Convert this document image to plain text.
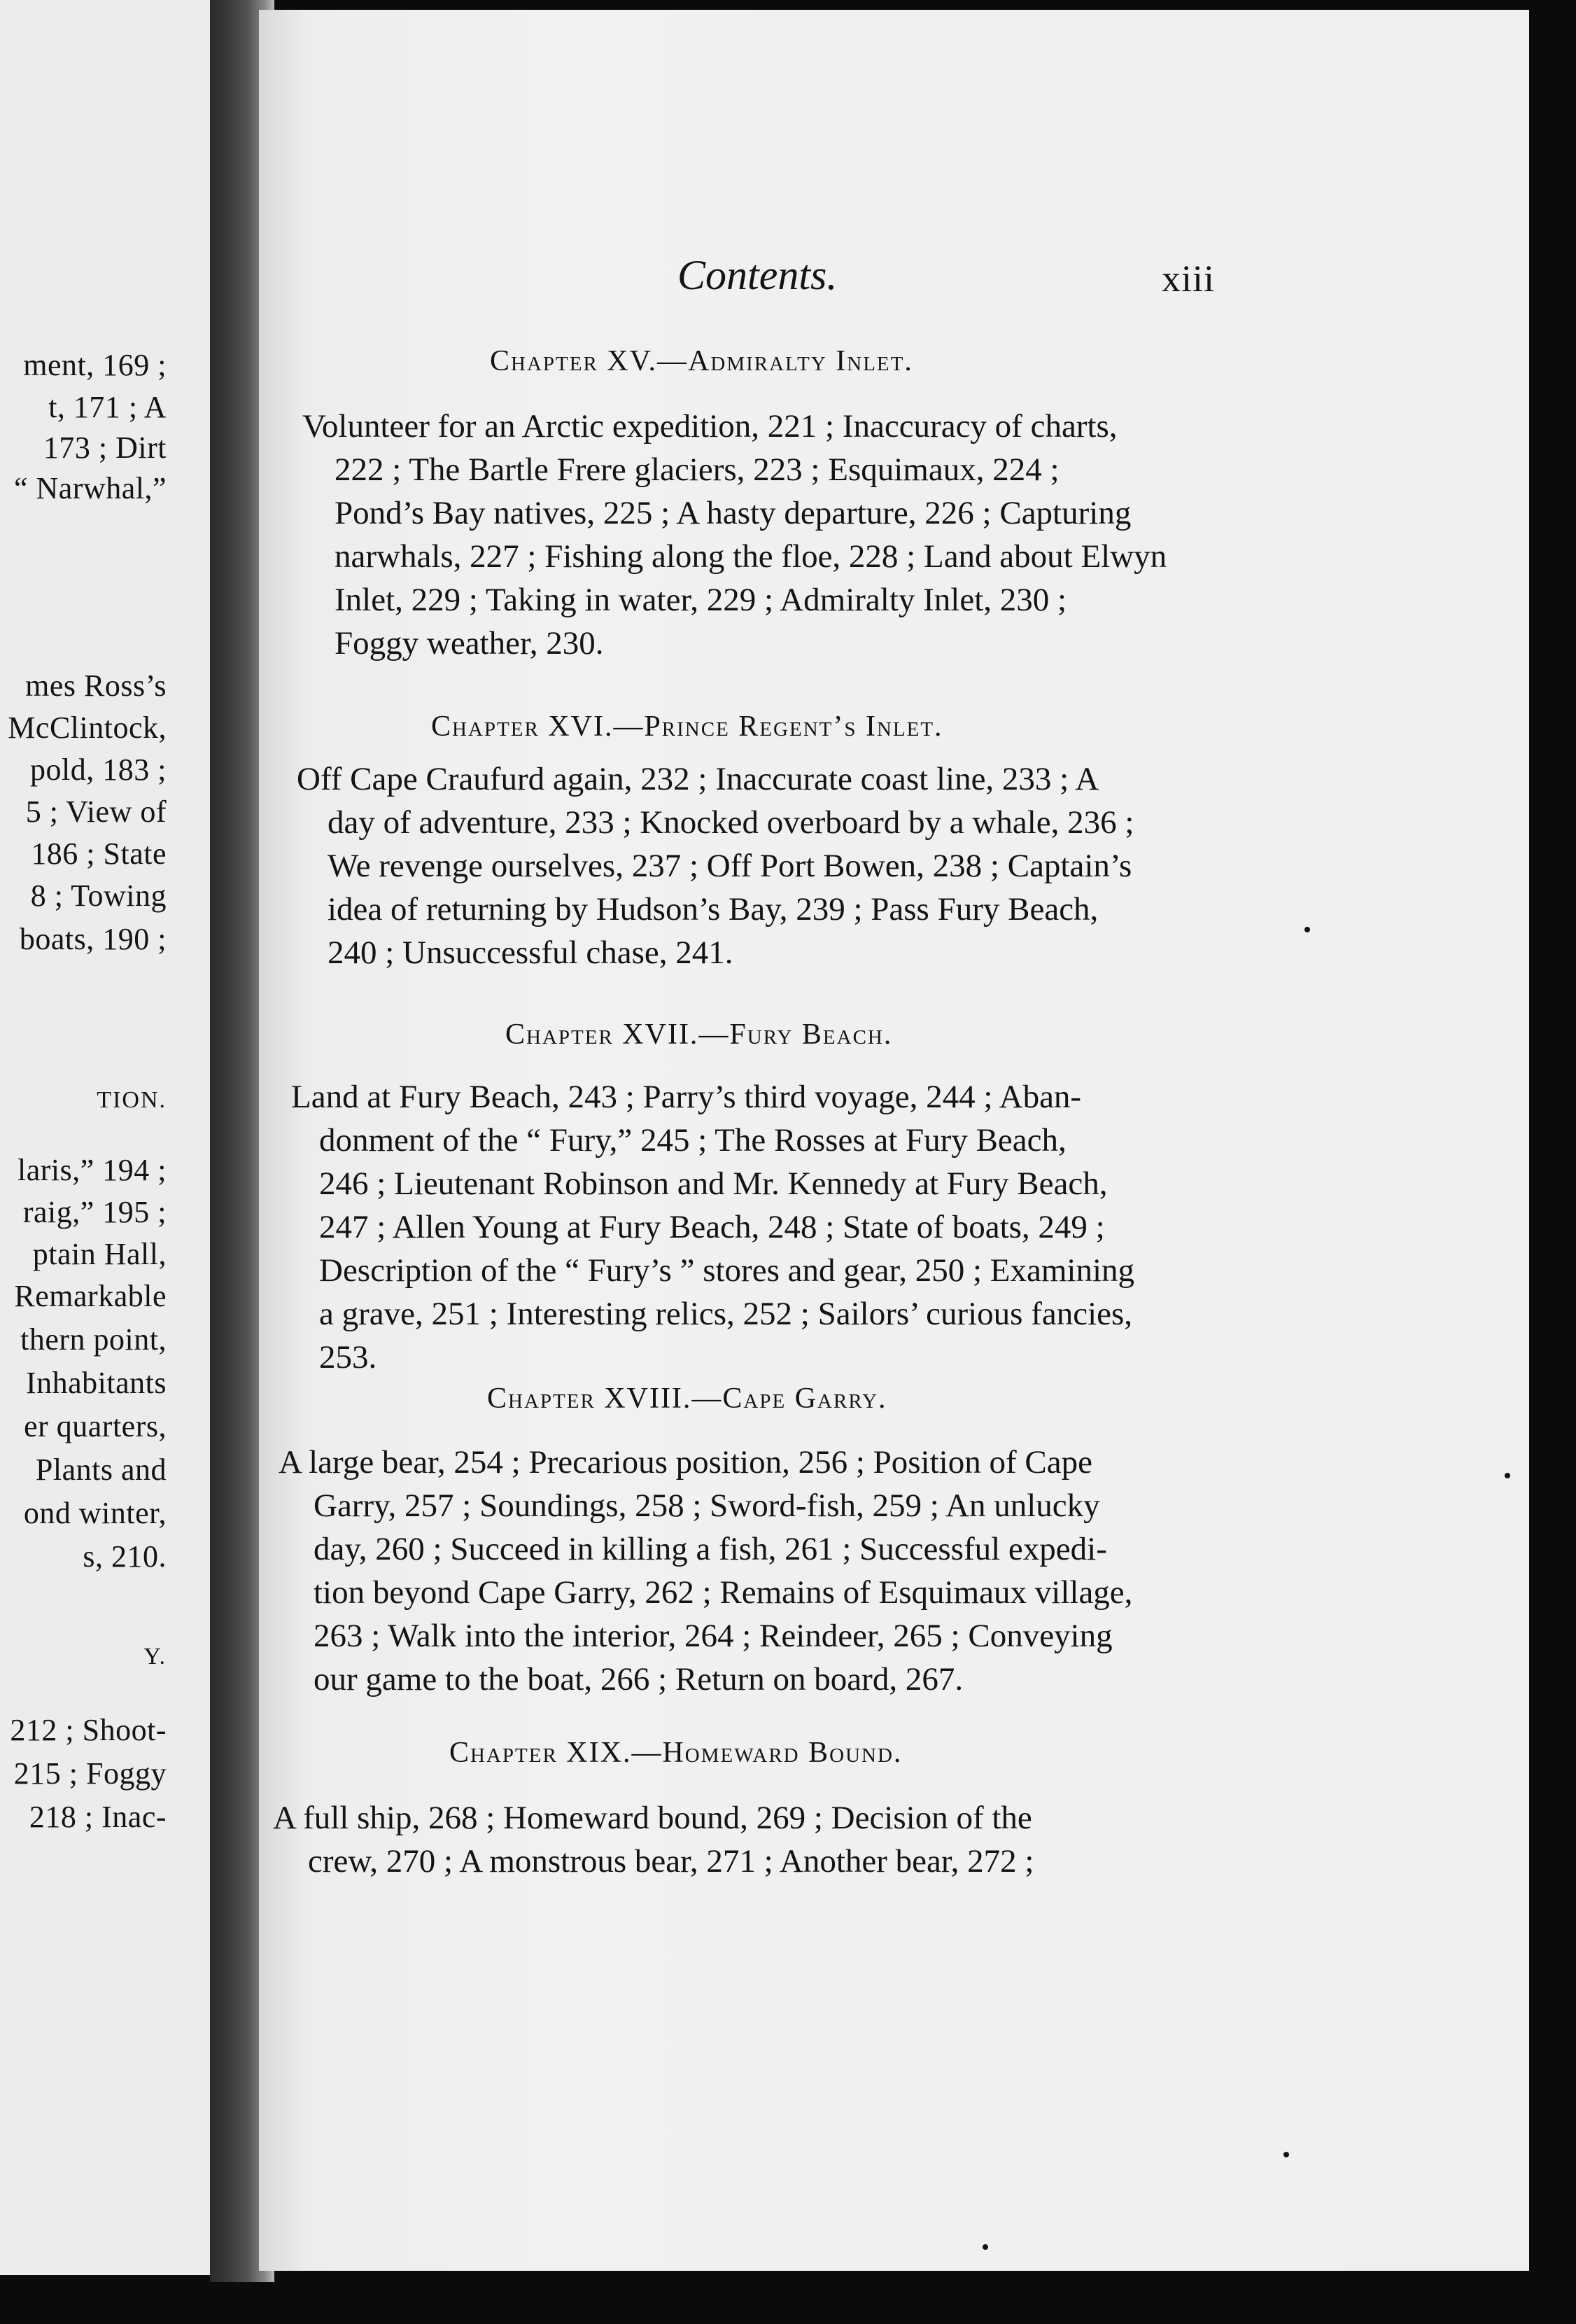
ment, 169 ;
t, 171 ; A
173 ; Dirt
“ Narwhal,”
mes Ross’s
McClintock,
pold, 183 ;
5 ; View of
186 ; State
8 ; Towing
boats, 190 ;
TION.
laris,” 194 ;
raig,” 195 ;
ptain Hall,
Remarkable
thern point,
Inhabitants
er quarters,
Plants and
ond winter,
s, 210.
Y.
212 ; Shoot-
215 ; Foggy
218 ; Inac-
Contents.	xiii
Chapter XV.—Admiralty Inlet.
Volunteer for an Arctic expedition, 221 ; Inaccuracy of charts,
222 ; The Bartle Frere glaciers, 223 ; Esquimaux, 224 ;
Pond’s Bay natives, 225 ; A hasty departure, 226 ; Capturing
narwhals, 227 ; Fishing along the floe, 228 ; Land about Elwyn
Inlet, 229 ; Taking in water, 229 ; Admiralty Inlet, 230 ;
Foggy weather, 230.
Chapter XVI.—Prince Regent’s Inlet.
Off Cape Craufurd again, 232 ; Inaccurate coast line, 233 ; A
day of adventure, 233 ; Knocked overboard by a whale, 236 ;
We revenge ourselves, 237 ; Off Port Bowen, 238 ; Captain’s
idea of returning by Hudson’s Bay, 239 ; Pass Fury Beach,
240 ; Unsuccessful chase, 241.
Chapter XVII.—Fury Beach.
Land at Fury Beach, 243 ; Parry’s third voyage, 244 ; Aban-
donment of the “ Fury,” 245 ; The Rosses at Fury Beach,
246 ; Lieutenant Robinson and Mr. Kennedy at Fury Beach,
247 ; Allen Young at Fury Beach, 248 ; State of boats, 249 ;
Description of the “ Fury’s ” stores and gear, 250 ; Examining
a grave, 251 ; Interesting relics, 252 ; Sailors’ curious fancies,
253.
Chapter XVIII.—Cape Garry.
A large bear, 254 ; Precarious position, 256 ; Position of Cape
Garry, 257 ; Soundings, 258 ; Sword-fish, 259 ; An unlucky
day, 260 ; Succeed in killing a fish, 261 ; Successful expedi-
tion beyond Cape Garry, 262 ; Remains of Esquimaux village,
263 ; Walk into the interior, 264 ; Reindeer, 265 ; Conveying
our game to the boat, 266 ; Return on board, 267.
Chapter XIX.—Homeward Bound.
A full ship, 268 ; Homeward bound, 269 ; Decision of the
crew, 270 ; A monstrous bear, 271 ; Another bear, 272 ;
